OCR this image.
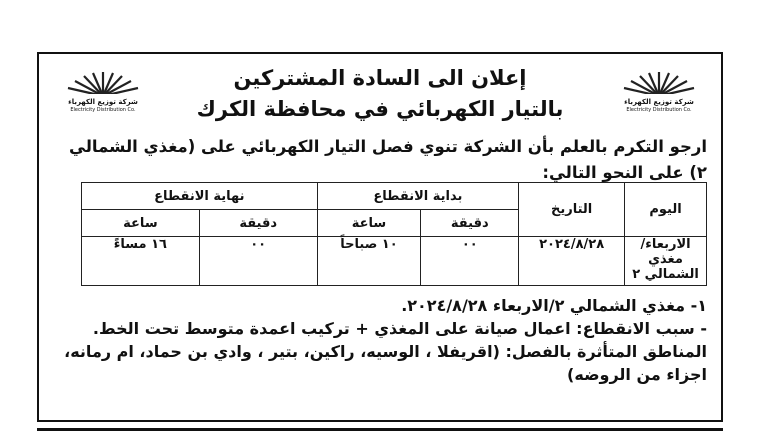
شركة توزيع الكهرباء
Electricity Distribution Co.
شركة توزيع الكهرباء
Electricity Distribution Co.
إعلان الى السادة المشتركين
بالتيار الكهربائي في محافظة الكرك
ارجو التكرم بالعلم بأن الشركة تنوي فصل التيار الكهربائي على (مغذي الشمالي ٢) على النحو التالي:
اليوم	التاريخ	بداية الانقطاع		نهاية الانقطاع	
		دقيقة	ساعة	دقيقة	ساعة
الاربعاء/ مغذي الشمالي ٢	٢٠٢٤/٨/٢٨	٠٠	١٠ صباحاً	٠٠	١٦ مساءً

١- مغذي الشمالي ٢/الاربعاء ٢٠٢٤/٨/٢٨.

- سبب الانقطاع: اعمال صيانة على المغذي + تركيب اعمدة متوسط تحت الخط.

المناطق المتأثرة بالفصل: (اقريفلا ، الوسيه، راكين، بتير ، وادي بن حماد، ام رمانه، اجزاء من الروضه)
